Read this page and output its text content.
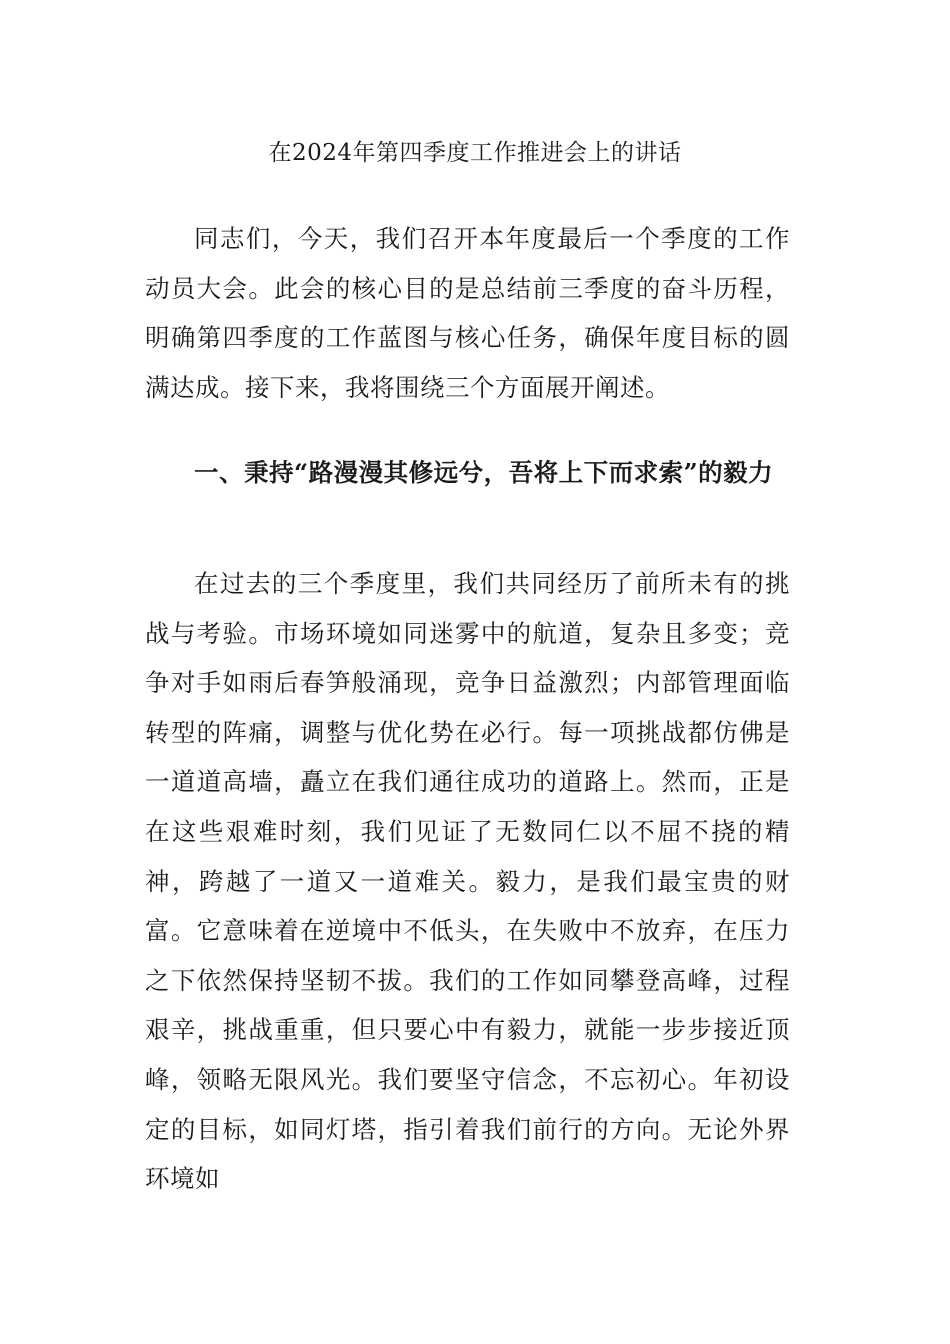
在2024年第四季度工作推进会上的讲话

同志们，今天，我们召开本年度最后一个季度的工作动员大会。此会的核心目的是总结前三季度的奋斗历程，明确第四季度的工作蓝图与核心任务，确保年度目标的圆满达成。接下来，我将围绕三个方面展开阐述。

一、秉持“路漫漫其修远兮，吾将上下而求索”的毅力

在过去的三个季度里，我们共同经历了前所未有的挑战与考验。市场环境如同迷雾中的航道，复杂且多变；竞争对手如雨后春笋般涌现，竞争日益激烈；内部管理面临转型的阵痛，调整与优化势在必行。每一项挑战都仿佛是一道道高墙，矗立在我们通往成功的道路上。然而，正是在这些艰难时刻，我们见证了无数同仁以不屈不挠的精神，跨越了一道又一道难关。毅力，是我们最宝贵的财富。它意味着在逆境中不低头，在失败中不放弃，在压力之下依然保持坚韧不拔。我们的工作如同攀登高峰，过程艰辛，挑战重重，但只要心中有毅力，就能一步步接近顶峰，领略无限风光。我们要坚守信念，不忘初心。年初设定的目标，如同灯塔，指引着我们前行的方向。无论外界环境如
